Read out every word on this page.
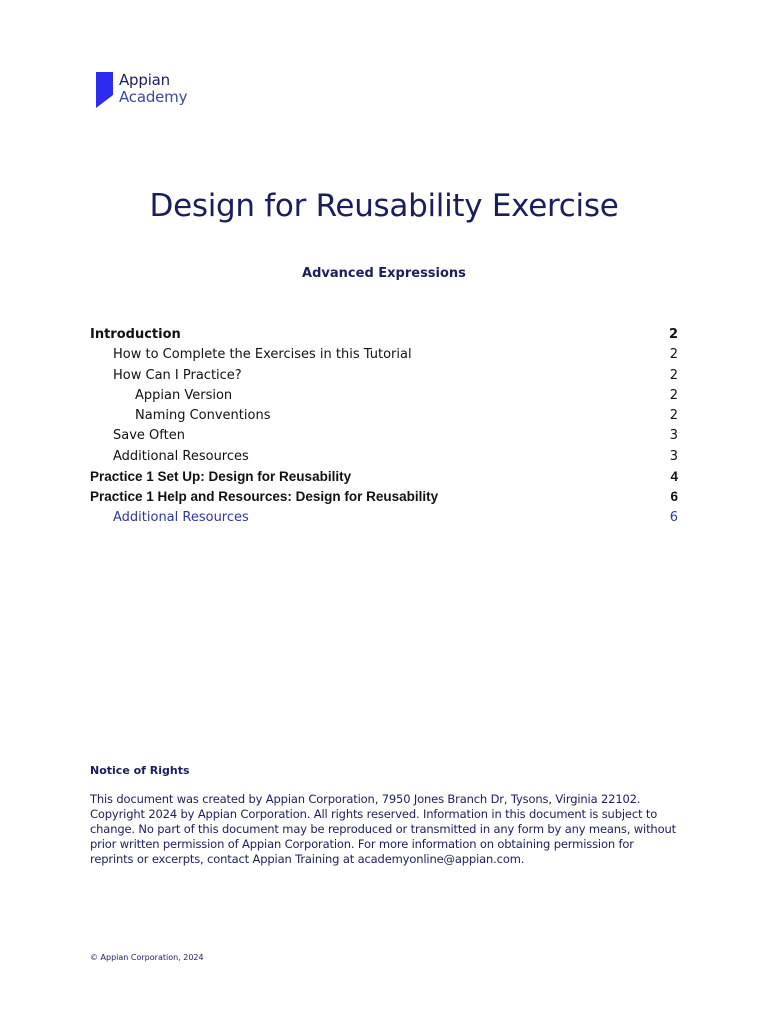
Appian
Academy
Design for Reusability Exercise
Advanced Expressions
Introduction	2
How to Complete the Exercises in this Tutorial	2
How Can I Practice?	2
Appian Version	2
Naming Conventions	2
Save Often	3
Additional Resources	3
Practice 1 Set Up: Design for Reusability	4
Practice 1 Help and Resources: Design for Reusability	6
Additional Resources	6
Notice of Rights
This document was created by Appian Corporation, 7950 Jones Branch Dr, Tysons, Virginia 22102.
Copyright 2024 by Appian Corporation. All rights reserved. Information in this document is subject to
change. No part of this document may be reproduced or transmitted in any form by any means, without
prior written permission of Appian Corporation. For more information on obtaining permission for
reprints or excerpts, contact Appian Training at academyonline@appian.com.
© Appian Corporation, 2024
